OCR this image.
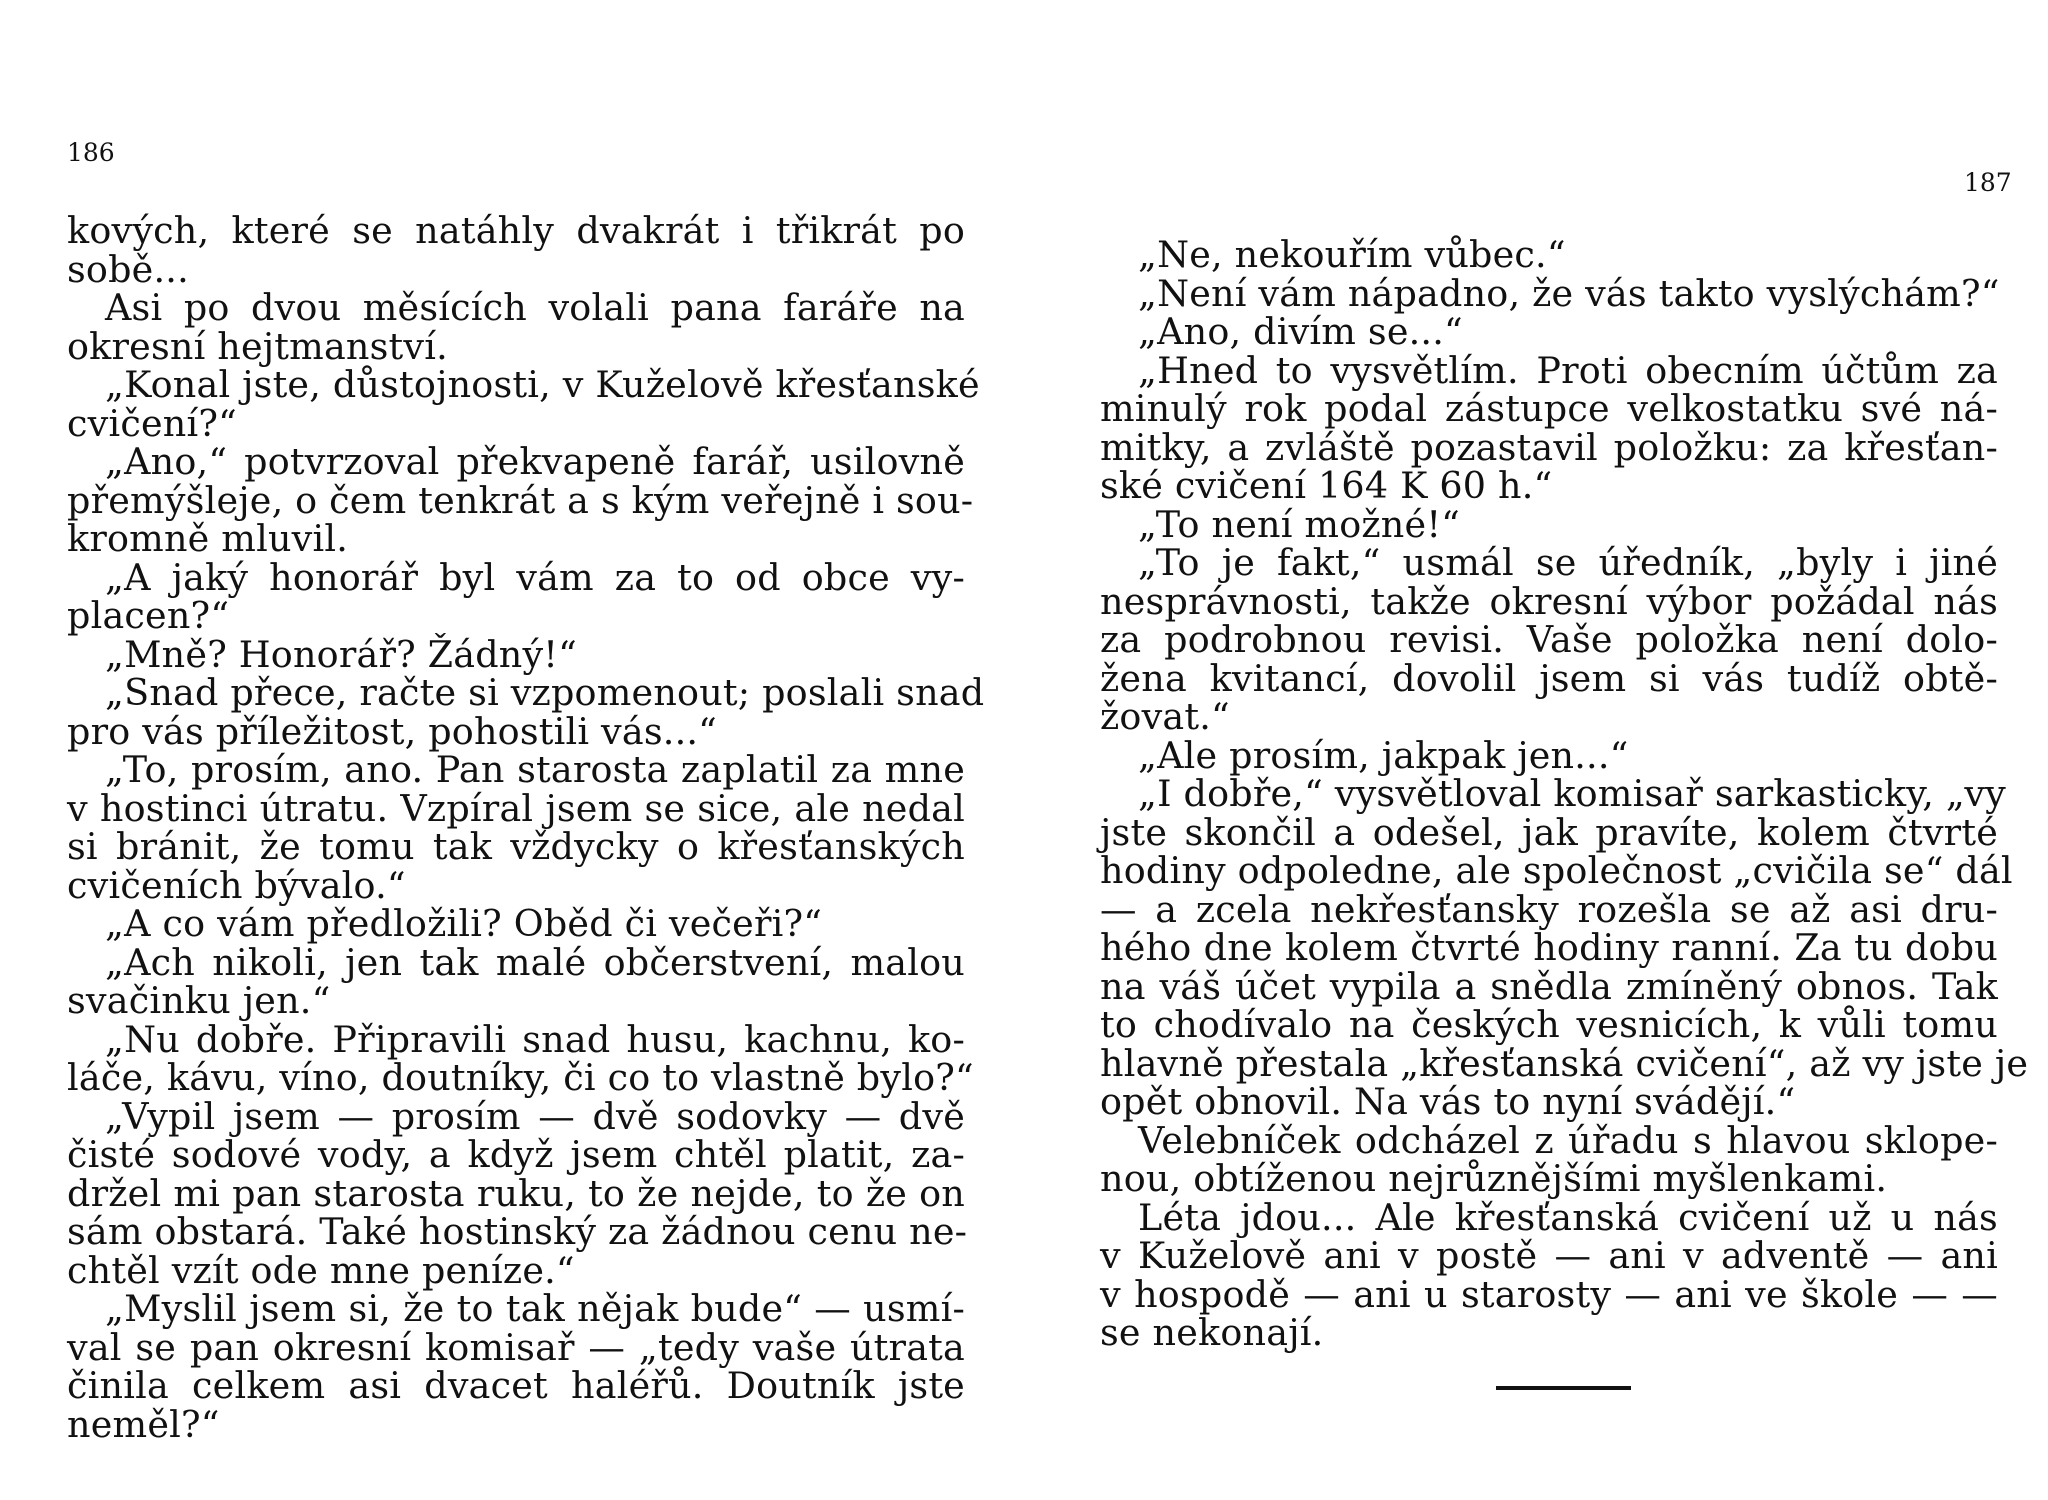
186
kových, které se natáhly dvakrát i třikrát po
sobě...
Asi po dvou měsících volali pana faráře na
okresní hejtmanství.
„Konal jste, důstojnosti, v Kuželově křesťanské
cvičení?“
„Ano,“ potvrzoval překvapeně farář, usilovně
přemýšleje, o čem tenkrát a s kým veřejně i sou-
kromně mluvil.
„A jaký honorář byl vám za to od obce vy-
placen?“
„Mně? Honorář? Žádný!“
„Snad přece, račte si vzpomenout; poslali snad
pro vás příležitost, pohostili vás...“
„To, prosím, ano. Pan starosta zaplatil za mne
v hostinci útratu. Vzpíral jsem se sice, ale nedal
si bránit, že tomu tak vždycky o křesťanských
cvičeních bývalo.“
„A co vám předložili? Oběd či večeři?“
„Ach nikoli, jen tak malé občerstvení, malou
svačinku jen.“
„Nu dobře. Připravili snad husu, kachnu, ko-
láče, kávu, víno, doutníky, či co to vlastně bylo?“
„Vypil jsem — prosím — dvě sodovky — dvě
čisté sodové vody, a když jsem chtěl platit, za-
držel mi pan starosta ruku, to že nejde, to že on
sám obstará. Také hostinský za žádnou cenu ne-
chtěl vzít ode mne peníze.“
„Myslil jsem si, že to tak nějak bude“ — usmí-
val se pan okresní komisař — „tedy vaše útrata
činila celkem asi dvacet haléřů. Doutník jste
neměl?“
187
„Ne, nekouřím vůbec.“
„Není vám nápadno, že vás takto vyslýchám?“
„Ano, divím se...“
„Hned to vysvětlím. Proti obecním účtům za
minulý rok podal zástupce velkostatku své ná-
mitky, a zvláště pozastavil položku: za křesťan-
ské cvičení 164 K 60 h.“
„To není možné!“
„To je fakt,“ usmál se úředník, „byly i jiné
nesprávnosti, takže okresní výbor požádal nás
za podrobnou revisi. Vaše položka není dolo-
žena kvitancí, dovolil jsem si vás tudíž obtě-
žovat.“
„Ale prosím, jakpak jen...“
„I dobře,“ vysvětloval komisař sarkasticky, „vy
jste skončil a odešel, jak pravíte, kolem čtvrté
hodiny odpoledne, ale společnost „cvičila se“ dál
— a zcela nekřesťansky rozešla se až asi dru-
hého dne kolem čtvrté hodiny ranní. Za tu dobu
na váš účet vypila a snědla zmíněný obnos. Tak
to chodívalo na českých vesnicích, k vůli tomu
hlavně přestala „křesťanská cvičení“, až vy jste je
opět obnovil. Na vás to nyní svádějí.“
Velebníček odcházel z úřadu s hlavou sklope-
nou, obtíženou nejrůznějšími myšlenkami.
Léta jdou... Ale křesťanská cvičení už u nás
v Kuželově ani v postě — ani v adventě — ani
v hospodě — ani u starosty — ani ve škole — —
se nekonají.
